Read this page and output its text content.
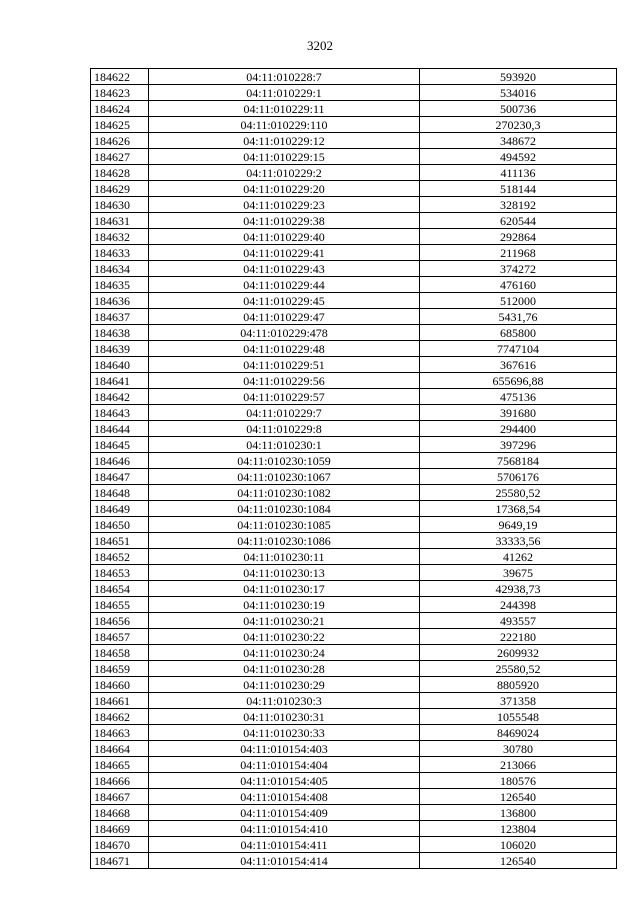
3202
184622	04:11:010228:7	593920
184623	04:11:010229:1	534016
184624	04:11:010229:11	500736
184625	04:11:010229:110	270230,3
184626	04:11:010229:12	348672
184627	04:11:010229:15	494592
184628	04:11:010229:2	411136
184629	04:11:010229:20	518144
184630	04:11:010229:23	328192
184631	04:11:010229:38	620544
184632	04:11:010229:40	292864
184633	04:11:010229:41	211968
184634	04:11:010229:43	374272
184635	04:11:010229:44	476160
184636	04:11:010229:45	512000
184637	04:11:010229:47	5431,76
184638	04:11:010229:478	685800
184639	04:11:010229:48	7747104
184640	04:11:010229:51	367616
184641	04:11:010229:56	655696,88
184642	04:11:010229:57	475136
184643	04:11:010229:7	391680
184644	04:11:010229:8	294400
184645	04:11:010230:1	397296
184646	04:11:010230:1059	7568184
184647	04:11:010230:1067	5706176
184648	04:11:010230:1082	25580,52
184649	04:11:010230:1084	17368,54
184650	04:11:010230:1085	9649,19
184651	04:11:010230:1086	33333,56
184652	04:11:010230:11	41262
184653	04:11:010230:13	39675
184654	04:11:010230:17	42938,73
184655	04:11:010230:19	244398
184656	04:11:010230:21	493557
184657	04:11:010230:22	222180
184658	04:11:010230:24	2609932
184659	04:11:010230:28	25580,52
184660	04:11:010230:29	8805920
184661	04:11:010230:3	371358
184662	04:11:010230:31	1055548
184663	04:11:010230:33	8469024
184664	04:11:010154:403	30780
184665	04:11:010154:404	213066
184666	04:11:010154:405	180576
184667	04:11:010154:408	126540
184668	04:11:010154:409	136800
184669	04:11:010154:410	123804
184670	04:11:010154:411	106020
184671	04:11:010154:414	126540
